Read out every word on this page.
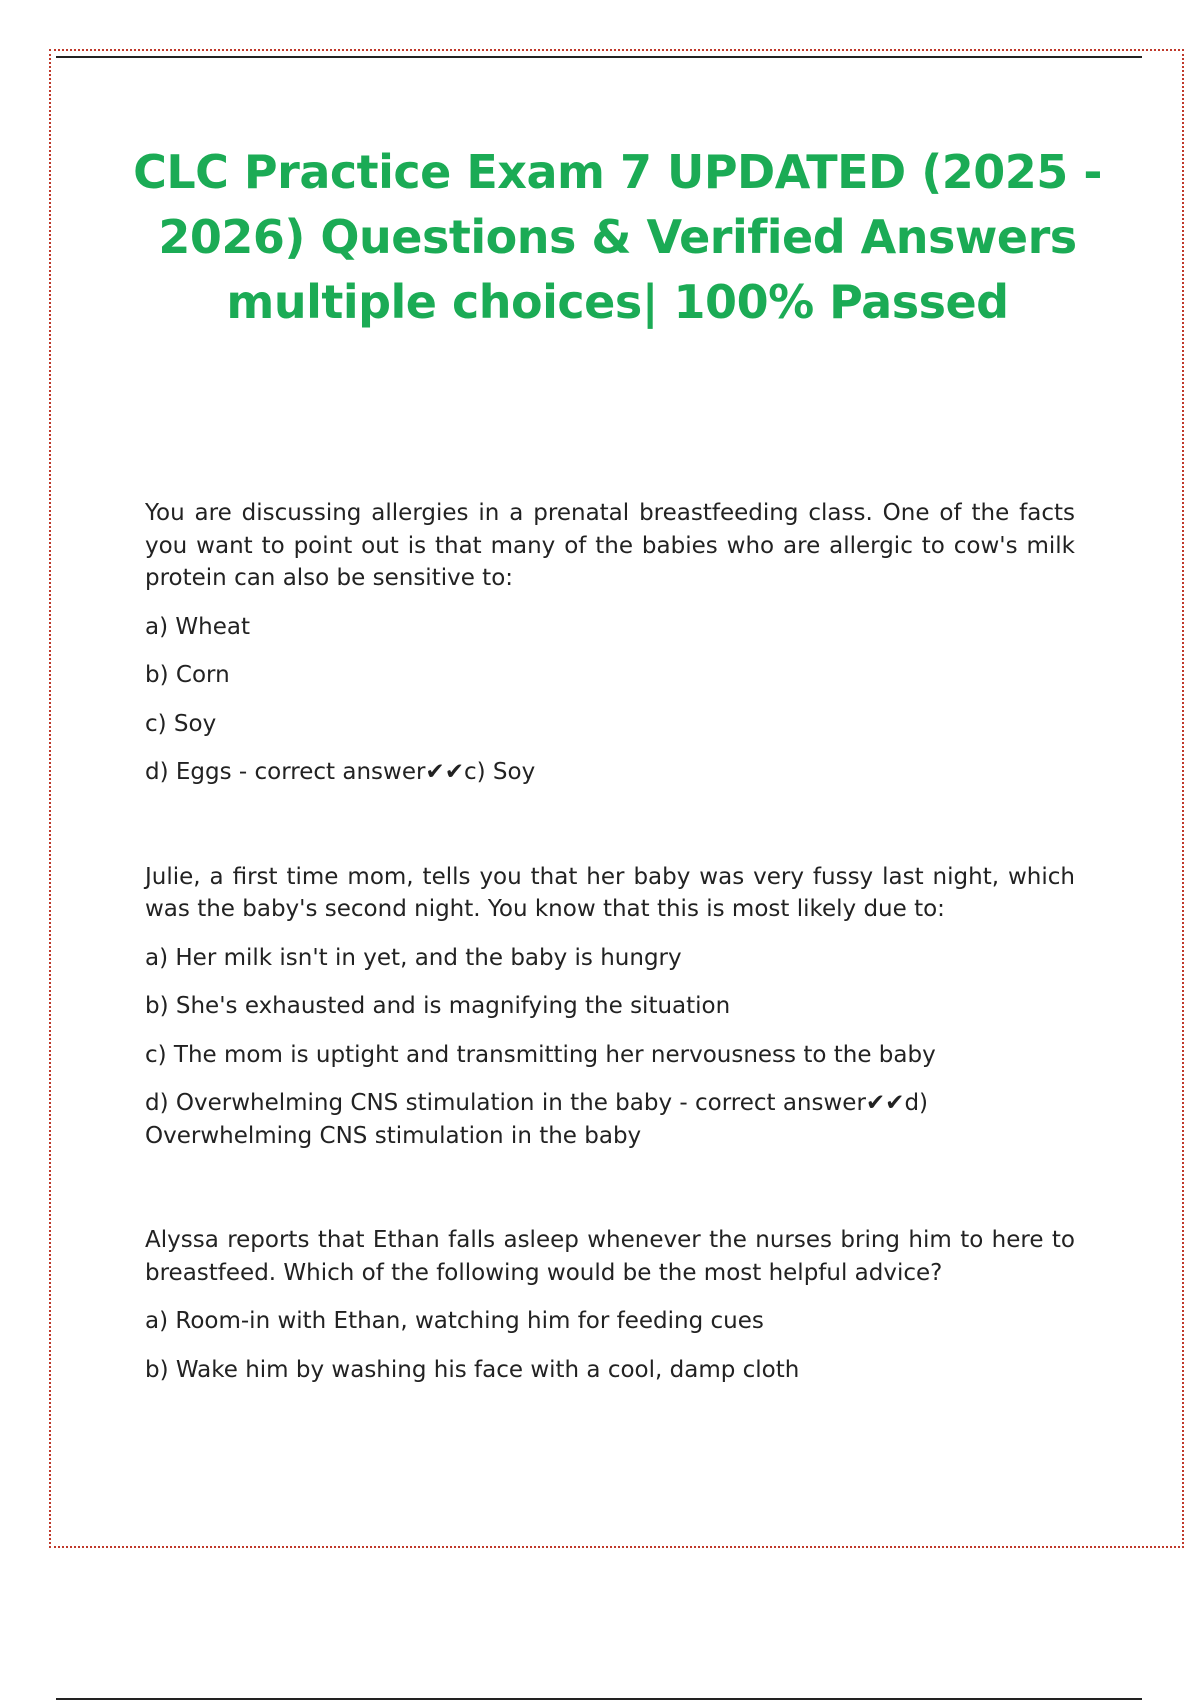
CLC Practice Exam 7 UPDATED (2025 - 2026) Questions & Verified Answers multiple choices| 100% Passed

You are discussing allergies in a prenatal breastfeeding class. One of the facts you want to point out is that many of the babies who are allergic to cow's milk protein can also be sensitive to:

a) Wheat

b) Corn

c) Soy

d) Eggs - correct answer✔✔c) Soy

Julie, a first time mom, tells you that her baby was very fussy last night, which was the baby's second night. You know that this is most likely due to:

a) Her milk isn't in yet, and the baby is hungry

b) She's exhausted and is magnifying the situation

c) The mom is uptight and transmitting her nervousness to the baby

d) Overwhelming CNS stimulation in the baby - correct answer✔✔d) Overwhelming CNS stimulation in the baby

Alyssa reports that Ethan falls asleep whenever the nurses bring him to here to breastfeed. Which of the following would be the most helpful advice?

a) Room-in with Ethan, watching him for feeding cues

b) Wake him by washing his face with a cool, damp cloth
